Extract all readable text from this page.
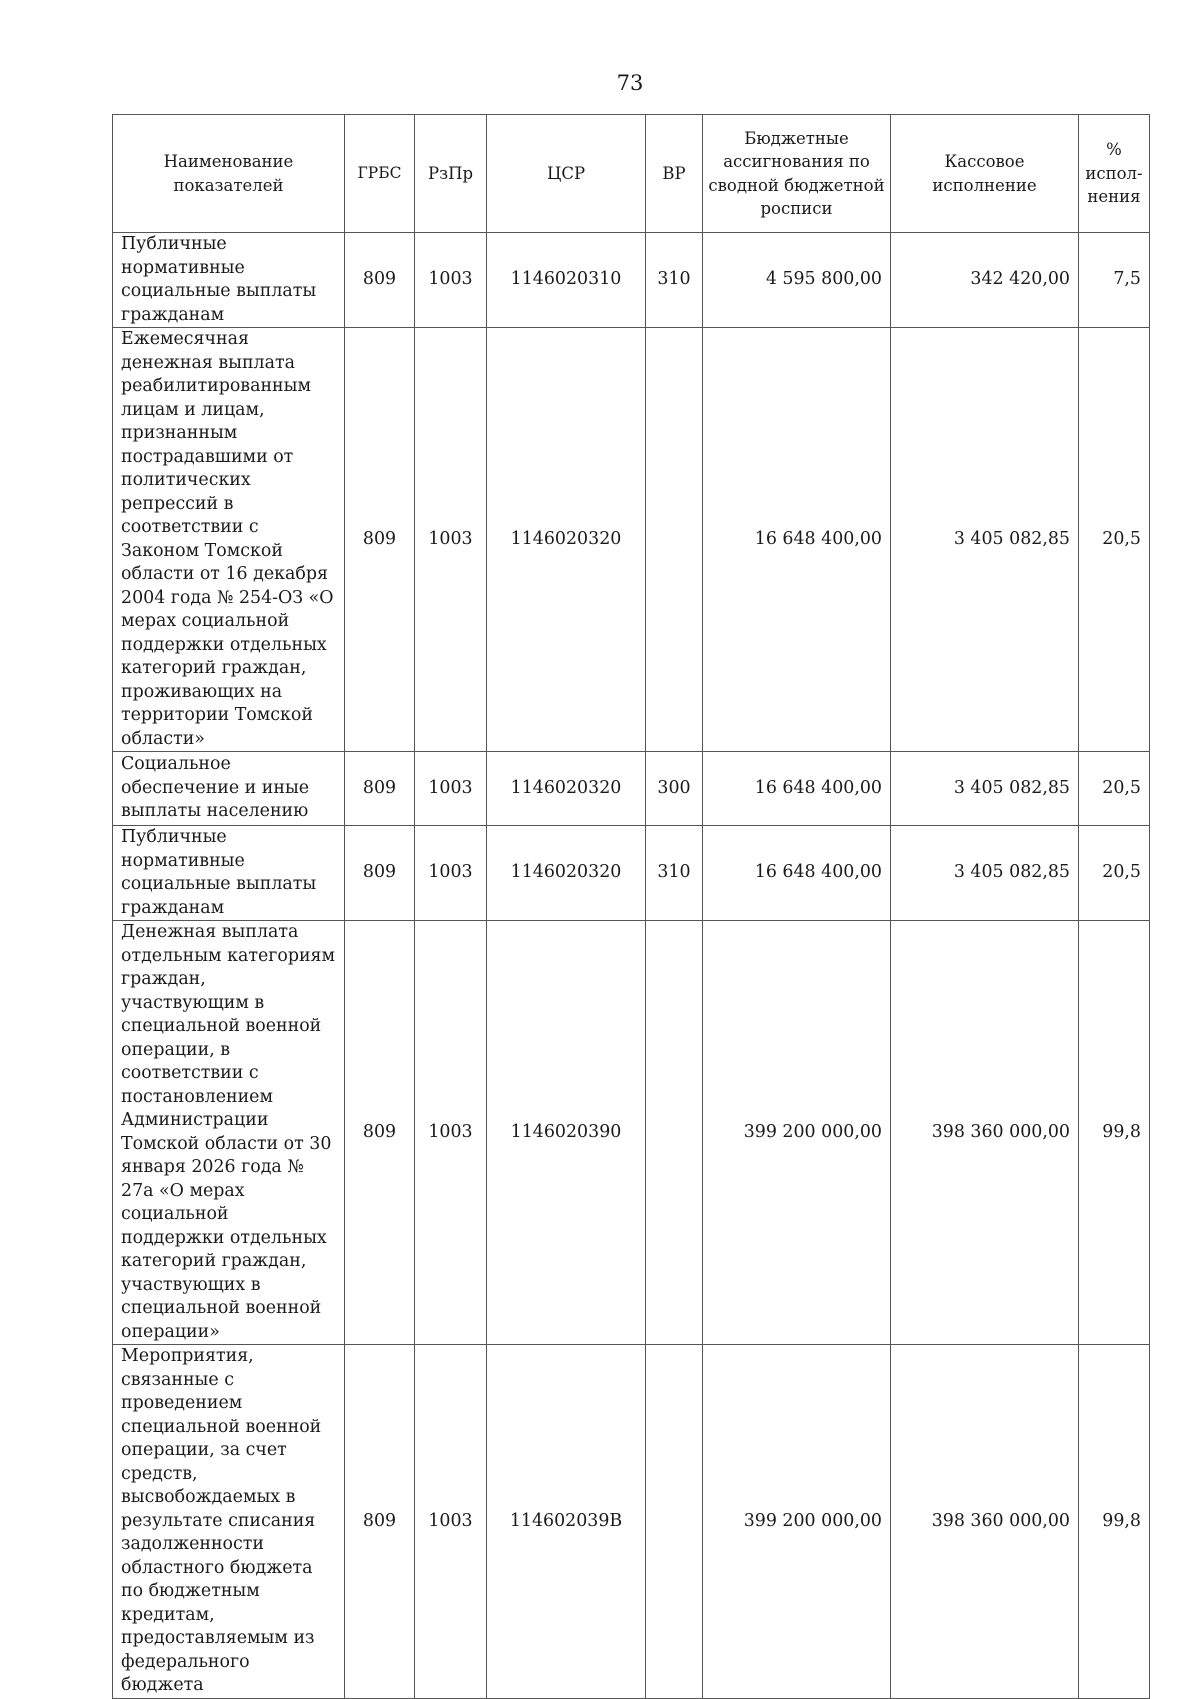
73
Наименование показателей	ГРБС	РзПр	ЦСР	ВР	Бюджетные ассигнования по сводной бюджетной росписи	Кассовое исполнение	% испол- нения
Публичные нормативные социальные выплаты гражданам	809	1003	1146020310	310	4 595 800,00	342 420,00	7,5
Ежемесячная денежная выплата реабилитированным лицам и лицам, признанным пострадавшими от политических репрессий в соответствии с Законом Томской области от 16 декабря 2004 года № 254-ОЗ «О мерах социальной поддержки отдельных категорий граждан, проживающих на территории Томской области»	809	1003	1146020320		16 648 400,00	3 405 082,85	20,5
Социальное обеспечение и иные выплаты населению	809	1003	1146020320	300	16 648 400,00	3 405 082,85	20,5
Публичные нормативные социальные выплаты гражданам	809	1003	1146020320	310	16 648 400,00	3 405 082,85	20,5
Денежная выплата отдельным категориям граждан, участвующим в специальной военной операции, в соответствии с постановлением Администрации Томской области от 30 января 2026 года № 27а «О мерах социальной поддержки отдельных категорий граждан, участвующих в специальной военной операции»	809	1003	1146020390		399 200 000,00	398 360 000,00	99,8
Мероприятия, связанные с проведением специальной военной операции, за счет средств, высвобождаемых в результате списания задолженности областного бюджета по бюджетным кредитам, предоставляемым из федерального бюджета	809	1003	114602039В		399 200 000,00	398 360 000,00	99,8
